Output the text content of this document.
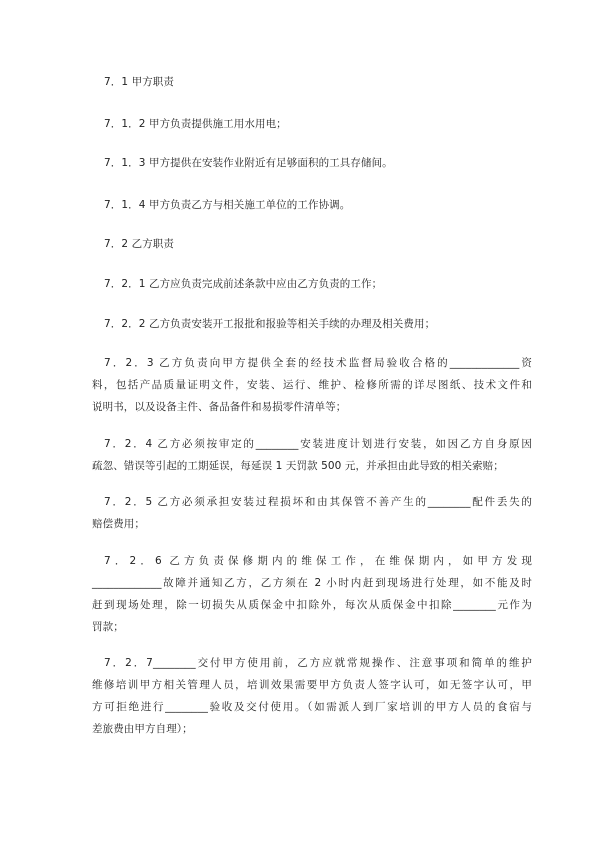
7．1 甲方职责

7．1．2 甲方负责提供施工用水用电；

7．1．3 甲方提供在安装作业附近有足够面积的工具存储间。

7．1．4 甲方负责乙方与相关施工单位的工作协调。

7．2 乙方职责

7．2．1 乙方应负责完成前述条款中应由乙方负责的工作；

7．2．2 乙方负责安装开工报批和报验等相关手续的办理及相关费用；

7．2．3 乙方负责向甲方提供全套的经技术监督局验收合格的_____________资
料，包括产品质量证明文件，安装、运行、维护、检修所需的详尽图纸、技术文件和
说明书，以及设备主件、备品备件和易损零件清单等；

7．2．4 乙方必须按审定的________安装进度计划进行安装，如因乙方自身原因
疏忽、错误等引起的工期延误，每延误 1 天罚款 500 元，并承担由此导致的相关索赔；

7．2．5 乙方必须承担安装过程损坏和由其保管不善产生的________配件丢失的
赔偿费用；

7．2．6 乙方负责保修期内的维保工作，在维保期内，如甲方发现
_____________故障并通知乙方，乙方须在 2 小时内赶到现场进行处理，如不能及时
赶到现场处理，除一切损失从质保金中扣除外，每次从质保金中扣除________元作为
罚款；

7．2．7________交付甲方使用前，乙方应就常规操作、注意事项和简单的维护
维修培训甲方相关管理人员，培训效果需要甲方负责人签字认可，如无签字认可，甲
方可拒绝进行________验收及交付使用。（如需派人到厂家培训的甲方人员的食宿与
差旅费由甲方自理）；
